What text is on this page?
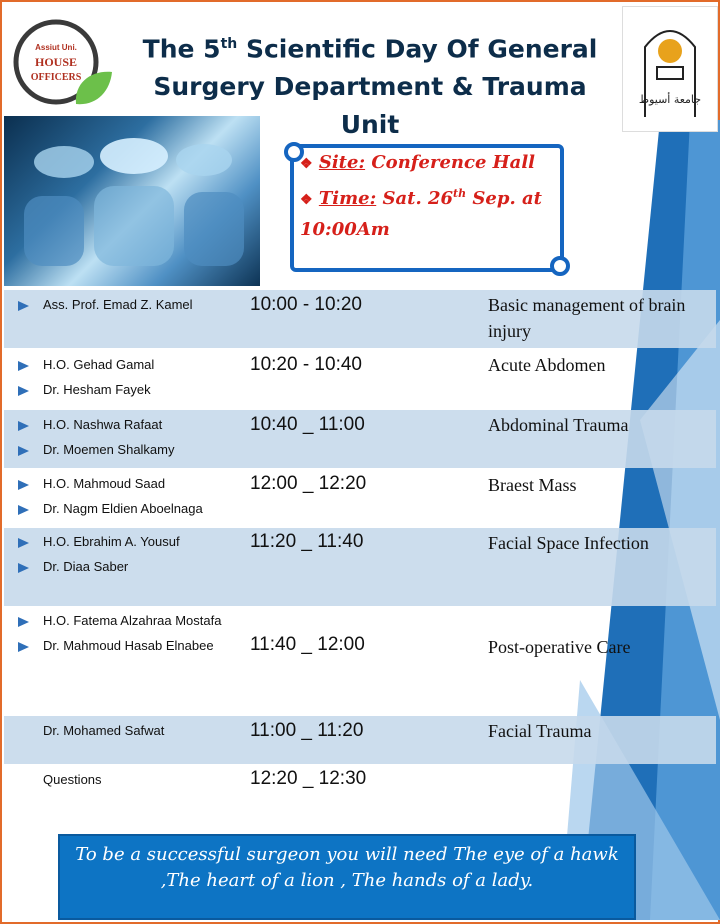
Assiut Uni.
HOUSE
OFFICERS
The 5th Scientific Day Of General Surgery Department & Trauma Unit
جامعة أسيوط
❖ Site: Conference Hall
❖ Time: Sat. 26th Sep. at 10:00Am
Ass. Prof. Emad Z. Kamel	10:00 - 10:20	Basic management of brain injury
H.O. Gehad Gamal
Dr. Hesham Fayek
10:20 - 10:40	Acute Abdomen
H.O. Nashwa Rafaat
Dr. Moemen Shalkamy
10:40 _ 11:00	Abdominal Trauma
H.O. Mahmoud Saad
Dr. Nagm Eldien Aboelnaga
12:00 _ 12:20	Braest Mass
H.O. Ebrahim A. Yousuf
Dr. Diaa Saber
11:20 _ 11:40	Facial Space Infection
H.O. Fatema Alzahraa Mostafa
Dr. Mahmoud Hasab Elnabee 11:40 _ 12:00	Post-operative Care
Dr. Mohamed Safwat	11:00 _ 11:20	Facial Trauma
Questions	12:20 _ 12:30
To be a successful surgeon you will need The eye of a hawk ,The heart of a lion , The hands of a lady.
